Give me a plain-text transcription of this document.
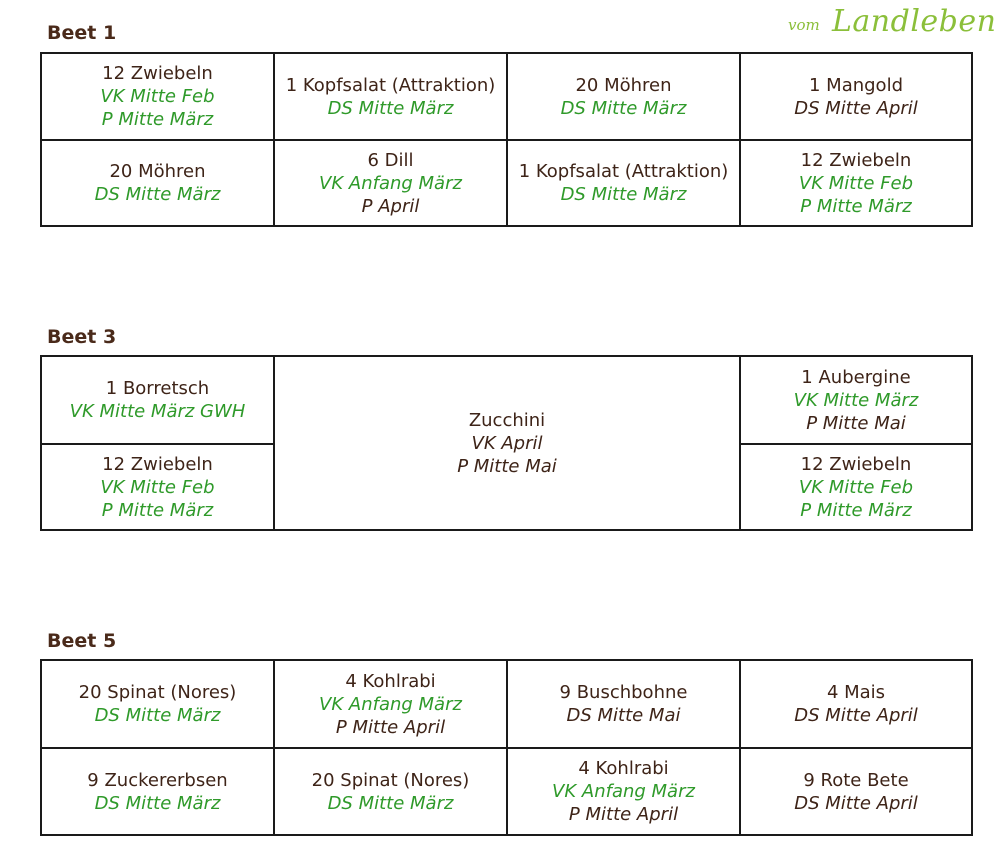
vom Landleben
Beet 1
12 Zwiebeln
VK Mitte Feb
P Mitte März
1 Kopfsalat (Attraktion)
DS Mitte März
20 Möhren
DS Mitte März
1 Mangold
DS Mitte April
20 Möhren
DS Mitte März
6 Dill
VK Anfang März
P April
1 Kopfsalat (Attraktion)
DS Mitte März
12 Zwiebeln
VK Mitte Feb
P Mitte März
Beet 3
1 Borretsch
VK Mitte März GWH	Zucchini
VK April
P Mitte Mai
1 Aubergine
VK Mitte März
P Mitte Mai
12 Zwiebeln
VK Mitte Feb
P Mitte März
12 Zwiebeln
VK Mitte Feb
P Mitte März
Beet 5
20 Spinat (Nores)
DS Mitte März
4 Kohlrabi
VK Anfang März
P Mitte April
9 Buschbohne
DS Mitte Mai
4 Mais
DS Mitte April
9 Zuckererbsen
DS Mitte März
20 Spinat (Nores)
DS Mitte März
4 Kohlrabi
VK Anfang März
P Mitte April
9 Rote Bete
DS Mitte April
